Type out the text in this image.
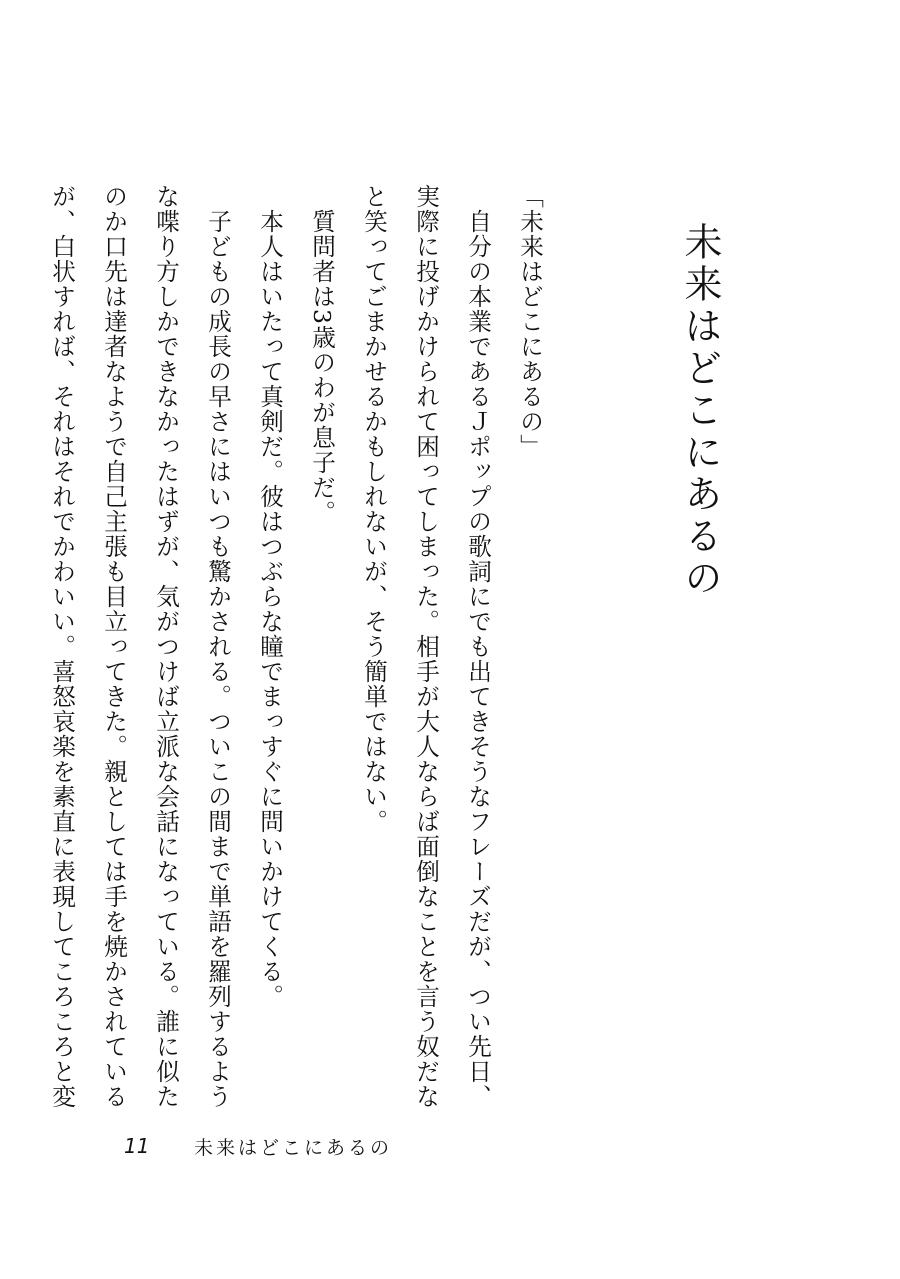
未来はどこにあるの
「未来はどこにあるの」
　自分の本業であるＪポップの歌詞にでも出てきそうなフレーズだが、つい先日、
実際に投げかけられて困ってしまった。相手が大人ならば面倒なことを言う奴だな
と笑ってごまかせるかもしれないが、そう簡単ではない。
　質問者は3歳のわが息子だ。
　本人はいたって真剣だ。彼はつぶらな瞳でまっすぐに問いかけてくる。
　子どもの成長の早さにはいつも驚かされる。ついこの間まで単語を羅列するよう
な喋り方しかできなかったはずが、気がつけば立派な会話になっている。誰に似た
のか口先は達者なようで自己主張も目立ってきた。親としては手を焼かされている
が、白状すれば、それはそれでかわいい。喜怒哀楽を素直に表現してころころと変
11	未来はどこにあるの
